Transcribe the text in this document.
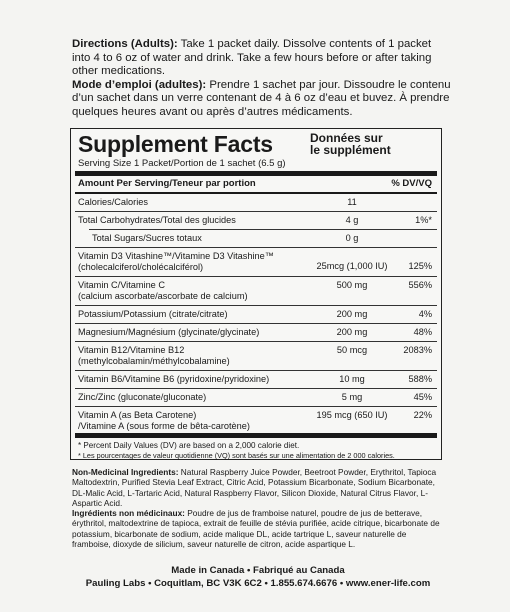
Directions (Adults): Take 1 packet daily. Dissolve contents of 1 packet into 4 to 6 oz of water and drink. Take a few hours before or after taking other medications.

Mode d’emploi (adultes): Prendre 1 sachet par jour. Dissoudre le contenu d’un sachet dans un verre contenant de 4 à 6 oz d’eau et buvez. À prendre quelques heures avant ou après d’autres médicaments.

Supplement Facts	Données sur
le supplément
Serving Size 1 Packet/Portion de 1 sachet (6.5 g)
Amount Per Serving/Teneur par portion	% DV/VQ
Calories/Calories	11
Total Carbohydrates/Total des glucides	4 g	1%*
Total Sugars/Sucres totaux	0 g
Vitamin D3 Vitashine™/Vitamine D3 Vitashine™
(cholecalciferol/cholécalciférol)	25mcg (1,000 IU)	125%
Vitamin C/Vitamine C
(calcium ascorbate/ascorbate de calcium)
500 mg	556%
Potassium/Potassium (citrate/citrate)	200 mg	4%
Magnesium/Magnésium (glycinate/glycinate)	200 mg	48%
Vitamin B12/Vitamine B12
(methylcobalamin/méthylcobalamine)
50 mcg	2083%
Vitamin B6/Vitamine B6 (pyridoxine/pyridoxine)	10 mg	588%
Zinc/Zinc (gluconate/gluconate)	5 mg	45%
Vitamin A (as Beta Carotene)
/Vitamine A (sous forme de bêta-carotène)
195 mcg (650 IU)	22%
* Percent Daily Values (DV) are based on a 2,000 calorie diet.
* Les pourcentages de valeur quotidienne (VQ) sont basés sur une alimentation de 2 000 calories.

Non-Medicinal Ingredients: Natural Raspberry Juice Powder, Beetroot Powder, Erythritol, Tapioca Maltodextrin, Purified Stevia Leaf Extract, Citric Acid, Potassium Bicarbonate, Sodium Bicarbonate, DL-Malic Acid, L-Tartaric Acid, Natural Raspberry Flavor, Silicon Dioxide, Natural Citrus Flavor, L-Aspartic Acid.

Ingrédients non médicinaux: Poudre de jus de framboise naturel, poudre de jus de betterave, érythritol, maltodextrine de tapioca, extrait de feuille de stévia purifiée, acide citrique, bicarbonate de potassium, bicarbonate de sodium, acide malique DL, acide tartrique L, saveur naturelle de framboise, dioxyde de silicium, saveur naturelle de citron, acide aspartique L.

Made in Canada • Fabriqué au Canada
Pauling Labs • Coquitlam, BC V3K 6C2 • 1.855.674.6676 • www.ener-life.com
